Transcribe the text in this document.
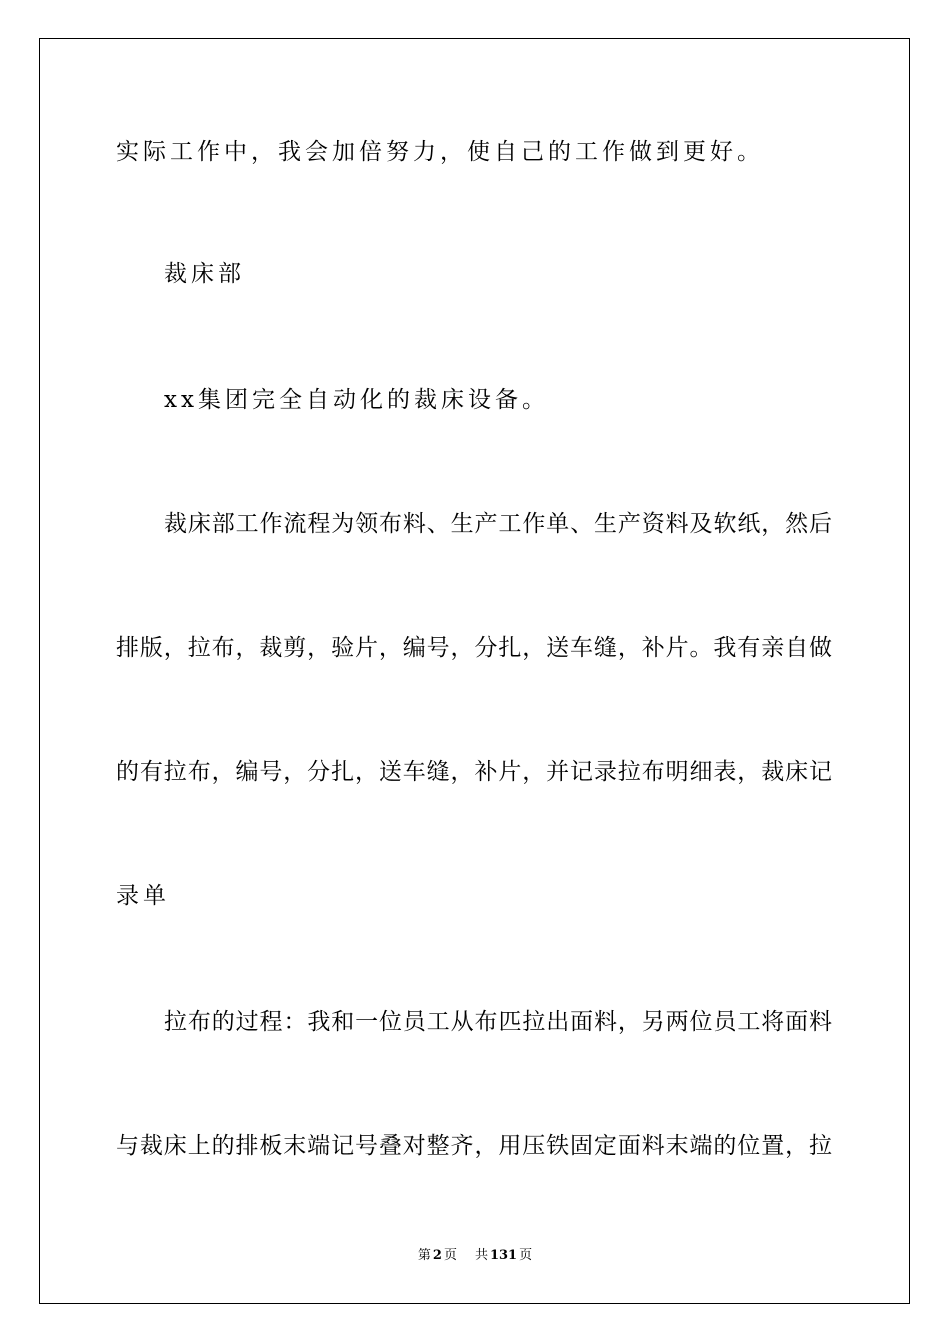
实际工作中，我会加倍努力，使自己的工作做到更好。
裁床部
xx集团完全自动化的裁床设备。
裁床部工作流程为领布料、生产工作单、生产资料及软纸，然后
排版，拉布，裁剪，验片，编号，分扎，送车缝，补片。我有亲自做
的有拉布，编号，分扎，送车缝，补片，并记录拉布明细表，裁床记
录单
拉布的过程：我和一位员工从布匹拉出面料，另两位员工将面料
与裁床上的排板末端记号叠对整齐，用压铁固定面料末端的位置，拉
第 2 页 共 131 页
